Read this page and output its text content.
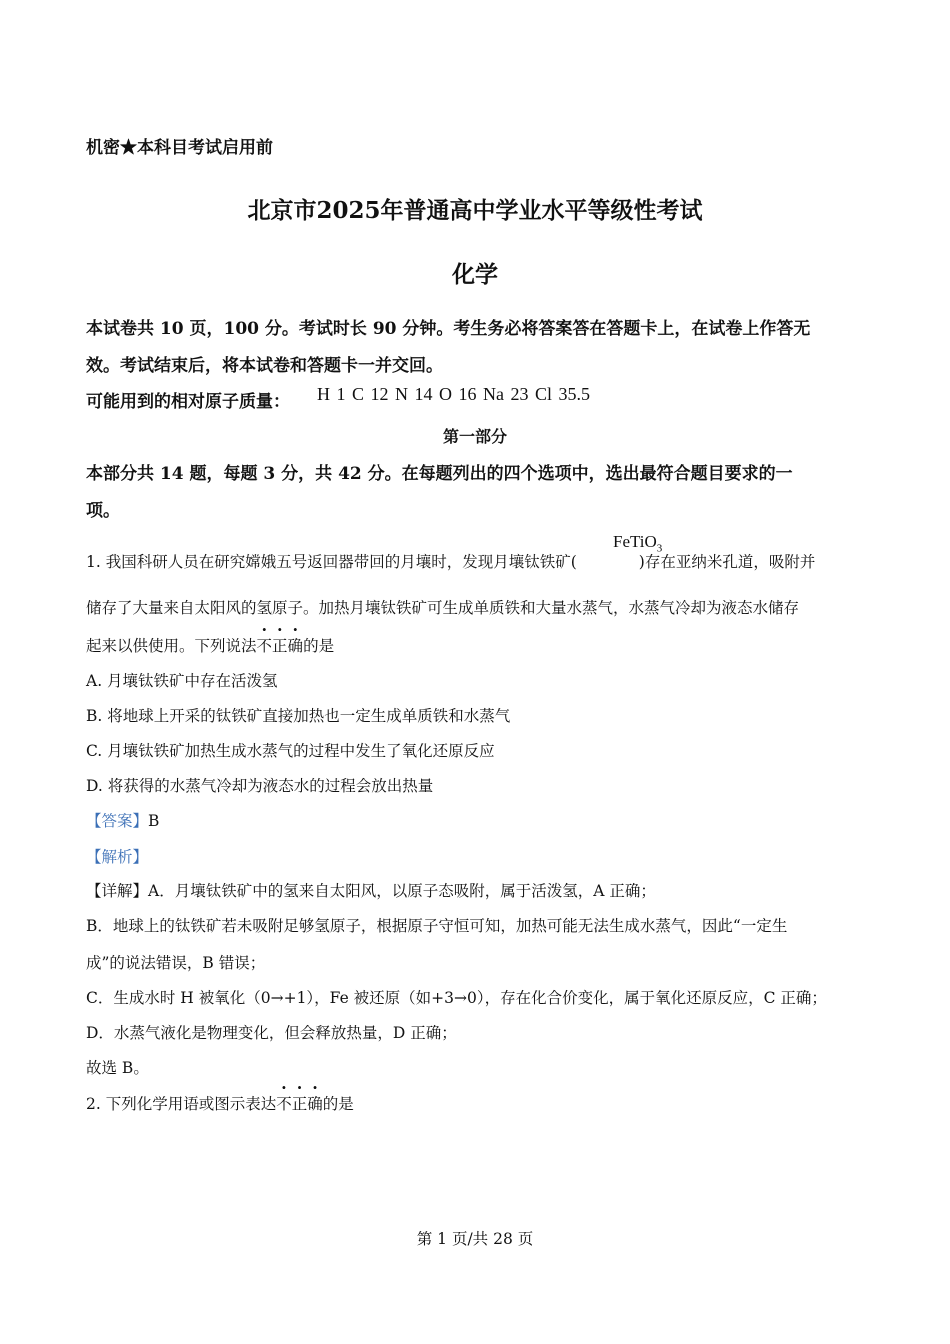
机密★本科目考试启用前
北京市2025年普通高中学业水平等级性考试
化学
本试卷共 10 页，100 分。考试时长 90 分钟。考生务必将答案答在答题卡上，在试卷上作答无
效。考试结束后，将本试卷和答题卡一并交回。
可能用到的相对原子质量： H 1 C 12 N 14 O 16 Na 23 Cl 35.5
第一部分
本部分共 14 题，每题 3 分，共 42 分。在每题列出的四个选项中，选出最符合题目要求的一
项。
FeTiO$_3$
1. 我国科研人员在研究嫦娥五号返回器带回的月壤时，发现月壤钛铁矿(	)存在亚纳米孔道，吸附并
储存了大量来自太阳风的氢原子。加热月壤钛铁矿可生成单质铁和大量水蒸气，水蒸气冷却为液态水储存
起来以供使用。下列说法不正确的是
A. 月壤钛铁矿中存在活泼氢
B. 将地球上开采的钛铁矿直接加热也一定生成单质铁和水蒸气
C. 月壤钛铁矿加热生成水蒸气的过程中发生了氧化还原反应
D. 将获得的水蒸气冷却为液态水的过程会放出热量
【答案】B
【解析】
【详解】A．月壤钛铁矿中的氢来自太阳风，以原子态吸附，属于活泼氢，A 正确；
B．地球上的钛铁矿若未吸附足够氢原子，根据原子守恒可知，加热可能无法生成水蒸气，因此“一定生
成”的说法错误，B 错误；
C．生成水时 H 被氧化（0→+1），Fe 被还原（如+3→0），存在化合价变化，属于氧化还原反应，C 正确；
D．水蒸气液化是物理变化，但会释放热量，D 正确；
故选 B。
2. 下列化学用语或图示表达不正确的是
第 1 页/共 28 页
